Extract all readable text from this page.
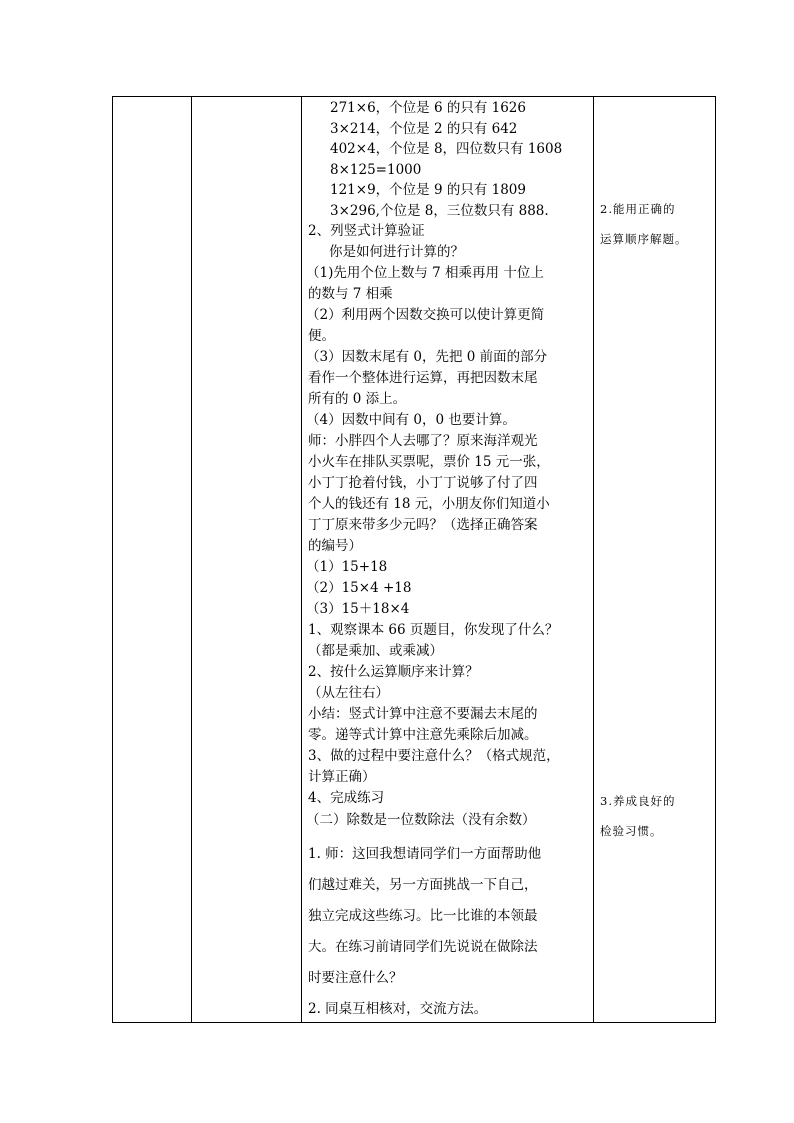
271×6，个位是 6 的只有 1626
3×214，个位是 2 的只有 642
402×4，个位是 8，四位数只有 1608
8×125=1000
121×9，个位是 9 的只有 1809
3×296,个位是 8，三位数只有 888.
2、列竖式计算验证
你是如何进行计算的？
（1)先用个位上数与 7 相乘再用 十位上
的数与 7 相乘
（2）利用两个因数交换可以使计算更简
便。
（3）因数末尾有 0，先把 0 前面的部分
看作一个整体进行运算，再把因数末尾
所有的 0 添上。
（4）因数中间有 0，0 也要计算。
师：小胖四个人去哪了？原来海洋观光
小火车在排队买票呢，票价 15 元一张，
小丁丁抢着付钱，小丁丁说够了付了四
个人的钱还有 18 元，小朋友你们知道小
丁丁原来带多少元吗？（选择正确答案
的编号）
（1）15+18
（2）15×4 +18
（3）15＋18×4
1、观察课本 66 页题目，你发现了什么？
（都是乘加、或乘减）
2、按什么运算顺序来计算？
（从左往右）
小结：竖式计算中注意不要漏去末尾的
零。递等式计算中注意先乘除后加减。
3、做的过程中要注意什么？（格式规范，
计算正确）
4、完成练习
（二）除数是一位数除法（没有余数）
1. 师：这回我想请同学们一方面帮助他
们越过难关，另一方面挑战一下自己，
独立完成这些练习。比一比谁的本领最
大。在练习前请同学们先说说在做除法
时要注意什么？
2. 同桌互相核对，交流方法。
2.能用正确的
运算顺序解题。
3.养成良好的
检验习惯。
